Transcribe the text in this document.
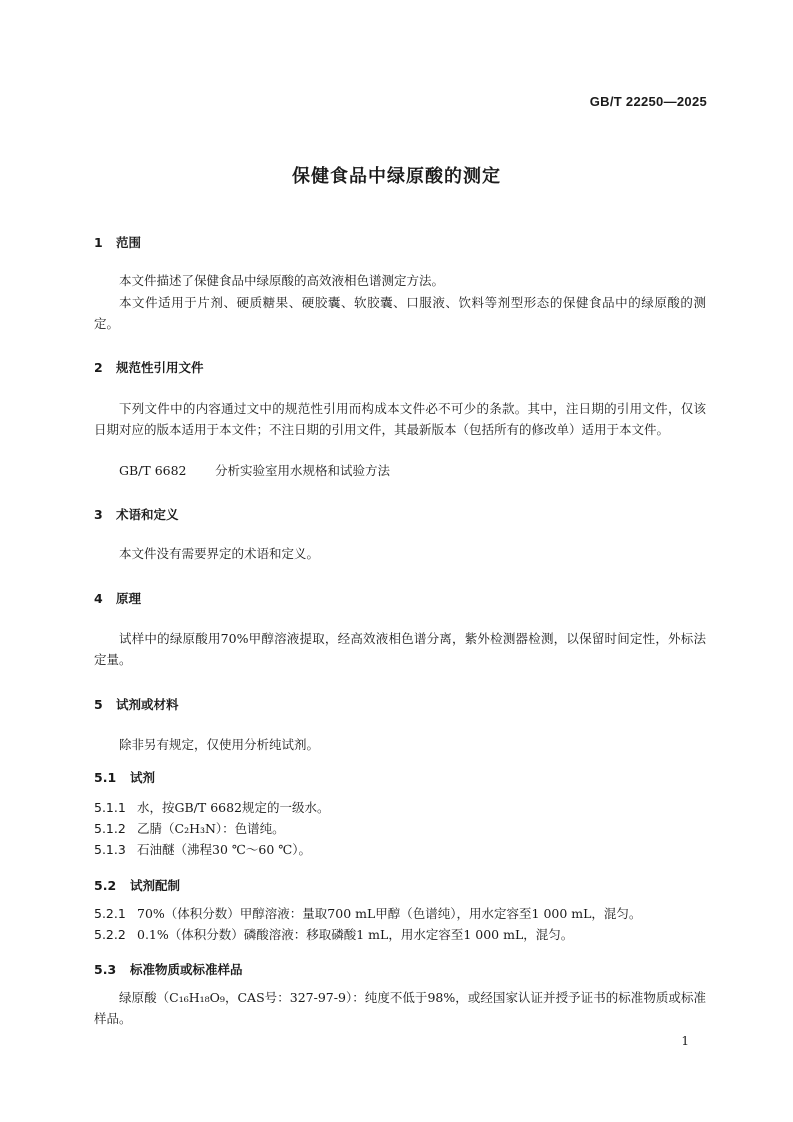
GB/T 22250—2025
保健食品中绿原酸的测定
1 范围
本文件描述了保健食品中绿原酸的高效液相色谱测定方法。
本文件适用于片剂、硬质糖果、硬胶囊、软胶囊、口服液、饮料等剂型形态的保健食品中的绿原酸的测定。
2 规范性引用文件
下列文件中的内容通过文中的规范性引用而构成本文件必不可少的条款。其中，注日期的引用文件，仅该日期对应的版本适用于本文件；不注日期的引用文件，其最新版本（包括所有的修改单）适用于本文件。
GB/T 6682 分析实验室用水规格和试验方法
3 术语和定义
本文件没有需要界定的术语和定义。
4 原理
试样中的绿原酸用70%甲醇溶液提取，经高效液相色谱分离，紫外检测器检测，以保留时间定性，外标法定量。
5 试剂或材料
除非另有规定，仅使用分析纯试剂。
5.1 试剂
5.1.1 水，按GB/T 6682规定的一级水。
5.1.2 乙腈（C₂H₃N）：色谱纯。
5.1.3 石油醚（沸程30 ℃～60 ℃）。
5.2 试剂配制
5.2.1 70%（体积分数）甲醇溶液：量取700 mL甲醇（色谱纯），用水定容至1 000 mL，混匀。
5.2.2 0.1%（体积分数）磷酸溶液：移取磷酸1 mL，用水定容至1 000 mL，混匀。
5.3 标准物质或标准样品
绿原酸（C₁₆H₁₈O₉，CAS号：327-97-9）：纯度不低于98%，或经国家认证并授予证书的标准物质或标准样品。
1
